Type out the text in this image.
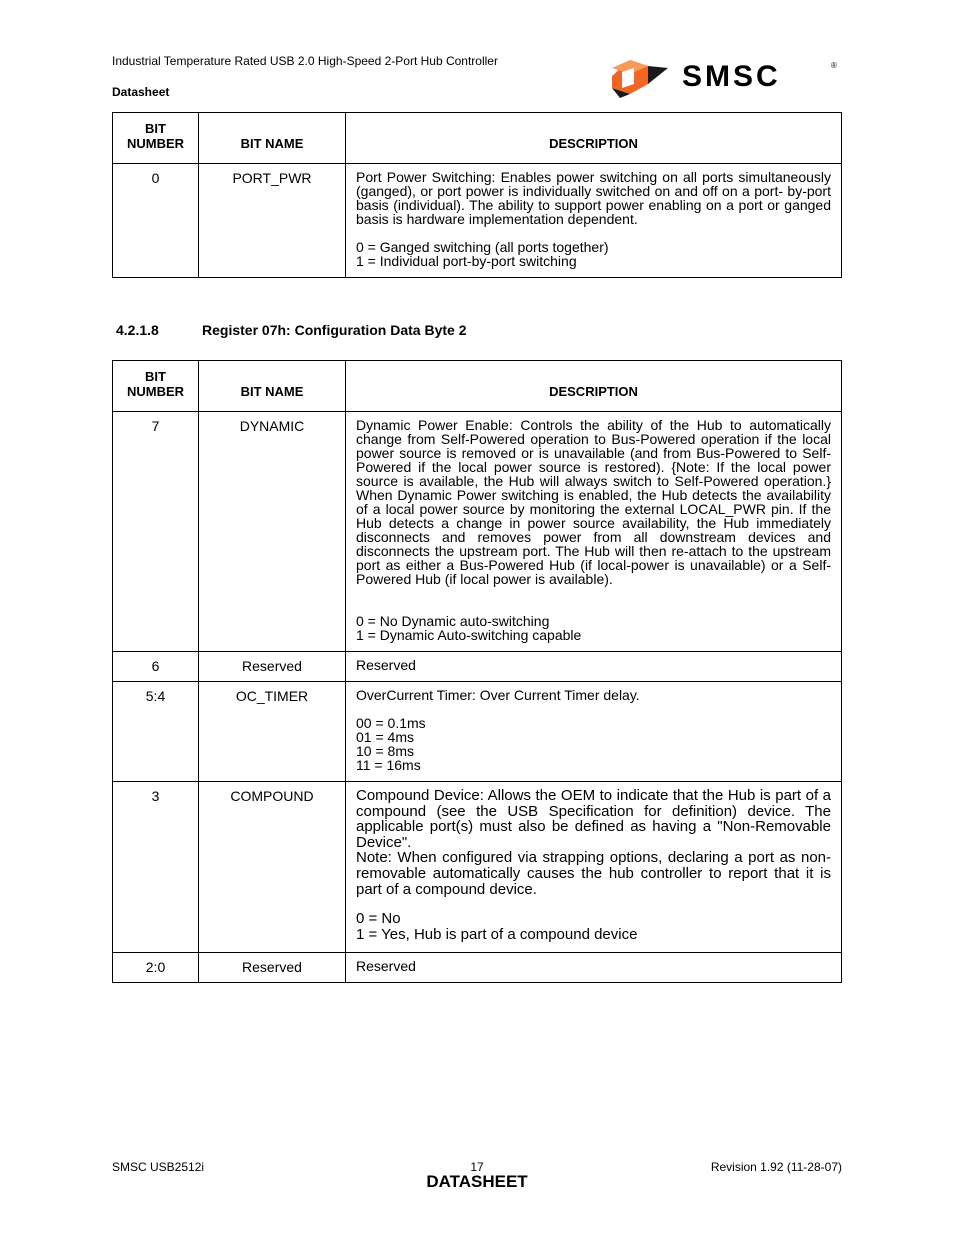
Industrial Temperature Rated USB 2.0 High-Speed 2-Port Hub Controller
Datasheet	SMSC	®
BIT
NUMBER	BIT NAME	DESCRIPTION
0	PORT_PWR	Port Power Switching: Enables power switching on all ports simultaneously (ganged), or port power is individually switched on and off on a port- by-port basis (individual). The ability to support power enabling on a port or ganged basis is hardware implementation dependent.
0 = Ganged switching (all ports together)
1 = Individual port-by-port switching
4.2.1.8	Register 07h: Configuration Data Byte 2
BIT
NUMBER	BIT NAME	DESCRIPTION
7	DYNAMIC	Dynamic Power Enable: Controls the ability of the Hub to automatically change from Self-Powered operation to Bus-Powered operation if the local power source is removed or is unavailable (and from Bus-Powered to Self-Powered if the local power source is restored). {Note: If the local power source is available, the Hub will always switch to Self-Powered operation.} When Dynamic Power switching is enabled, the Hub detects the availability of a local power source by monitoring the external LOCAL_PWR pin. If the Hub detects a change in power source availability, the Hub immediately disconnects and removes power from all downstream devices and disconnects the upstream port. The Hub will then re-attach to the upstream port as either a Bus-Powered Hub (if local-power is unavailable) or a Self-Powered Hub (if local power is available).
0 = No Dynamic auto-switching
1 = Dynamic Auto-switching capable

6	Reserved	Reserved
5:4	OC_TIMER	OverCurrent Timer: Over Current Timer delay.
00 = 0.1ms
01 = 4ms
10 = 8ms
11 = 16ms

3	COMPOUND	Compound Device: Allows the OEM to indicate that the Hub is part of a compound (see the USB Specification for definition) device. The applicable port(s) must also be defined as having a "Non-Removable Device".
Note: When configured via strapping options, declaring a port as non-removable automatically causes the hub controller to report that it is part of a compound device.
0 = No
1 = Yes, Hub is part of a compound device

2:0	Reserved	Reserved
SMSC USB2512i	17
DATASHEET
Revision 1.92 (11-28-07)
